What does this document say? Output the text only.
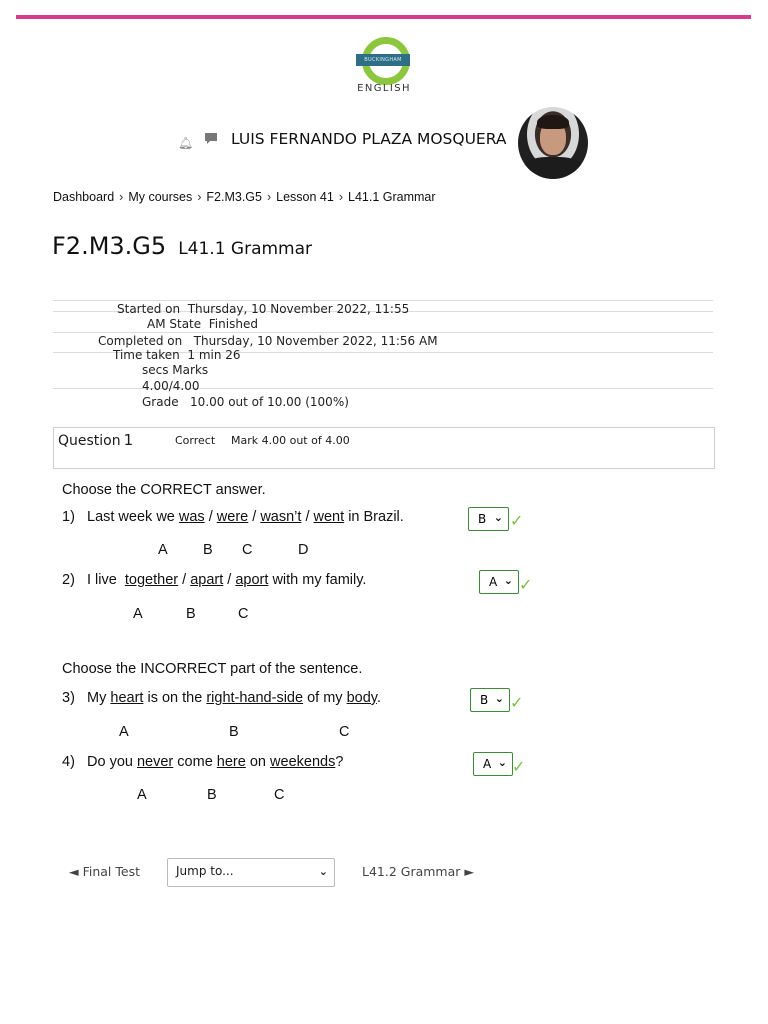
BUCKINGHAM
ENGLISH
🔔︎ LUIS FERNANDO PLAZA MOSQUERA
Dashboard › My courses › F2.M3.G5 › Lesson 41 › L41.1 Grammar
F2.M3.G5 L41.1 Grammar
Started on Thursday, 10 November 2022, 11:55
AM State Finished
Completed on Thursday, 10 November 2022, 11:56 AM
Time taken 1 min 26
secs Marks
4.00/4.00
Grade 10.00 out of 10.00 (100%)
Question 1	Correct Mark 4.00 out of 4.00
Choose the CORRECT answer.
1) Last week we was / were / wasn’t / went in Brazil.
A B C	D
B ⌄ ✓
2) I live together / apart / aport with my family.
A	B	C
A ⌄ ✓
Choose the INCORRECT part of the sentence.
3) My heart is on the right-hand-side of my body.
A	B	C
B ⌄ ✓
4) Do you never come here on weekends?
A	B	C
A ⌄ ✓
◄ Final Test	Jump to...	⌄	L41.2 Grammar ►
